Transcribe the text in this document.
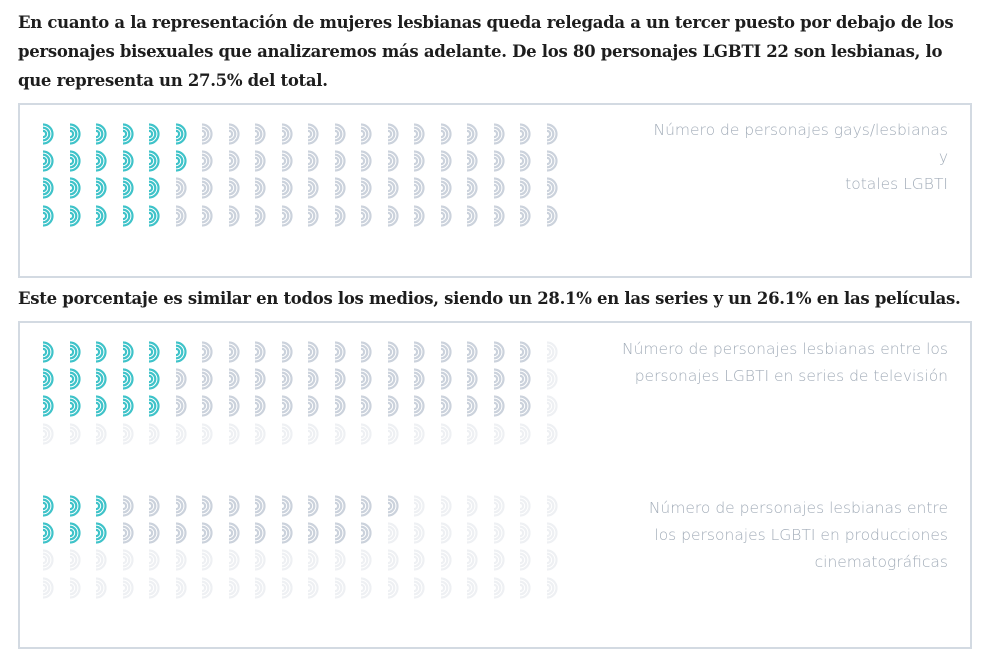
En cuanto a la representación de mujeres lesbianas queda relegada a un tercer puesto por debajo de los personajes bisexuales que analizaremos más adelante. De los 80 personajes LGBTI 22 son lesbianas, lo que representa un 27.5% del total.

Número de personajes gays/lesbianas
y
totales LGBTI

Este porcentaje es similar en todos los medios, siendo un 28.1% en las series y un 26.1% en las películas.

Número de personajes lesbianas entre los
personajes LGBTI en series de televisión
Número de personajes lesbianas entre
los personajes LGBTI en producciones
cinematográficas
